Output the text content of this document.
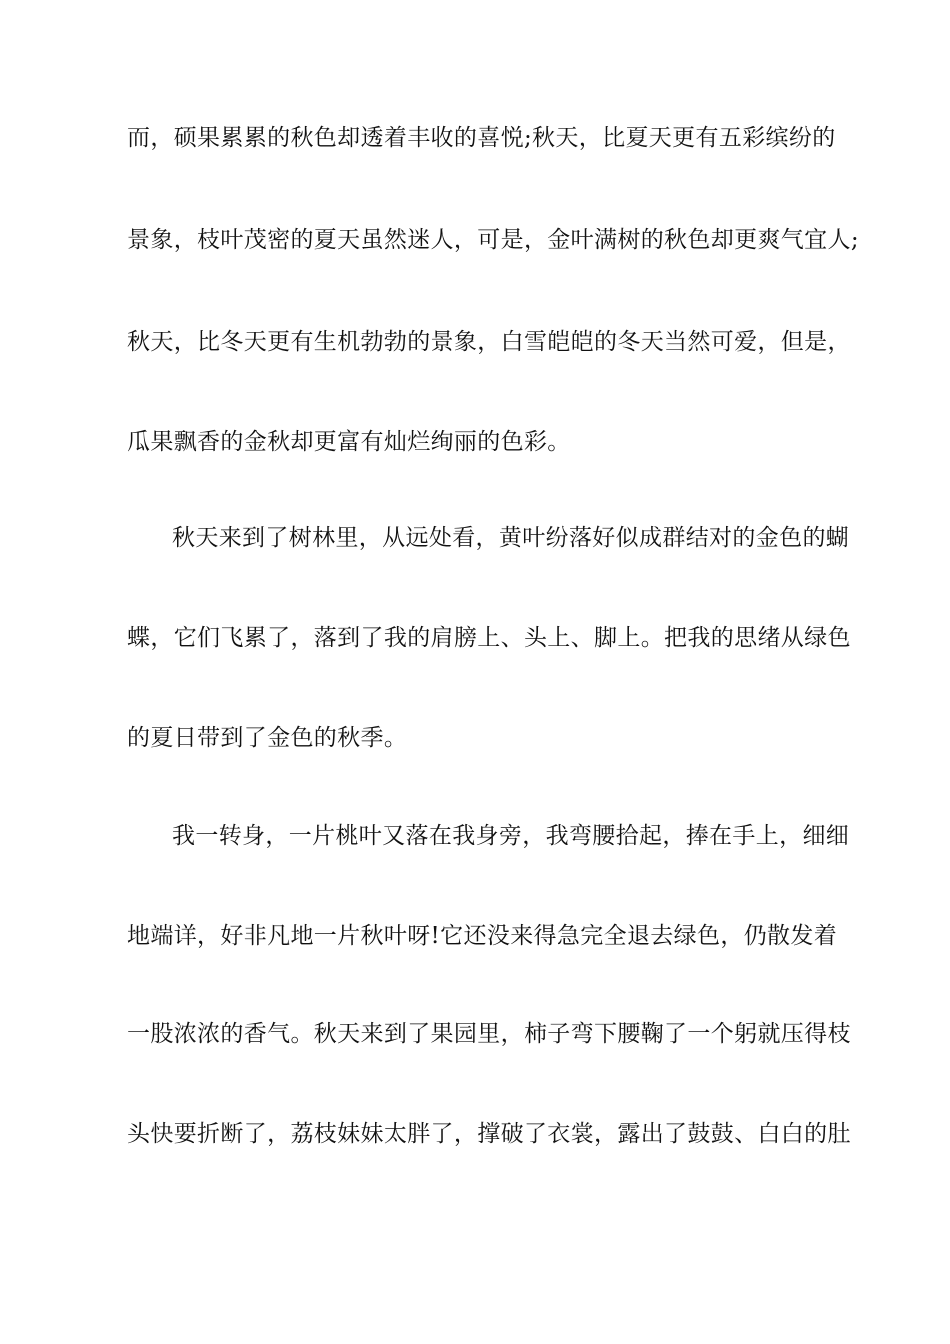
而，硕果累累的秋色却透着丰收的喜悦;秋天，比夏天更有五彩缤纷的
景象，枝叶茂密的夏天虽然迷人，可是，金叶满树的秋色却更爽气宜人;
秋天，比冬天更有生机勃勃的景象，白雪皑皑的冬天当然可爱，但是，
瓜果飘香的金秋却更富有灿烂绚丽的色彩。
秋天来到了树林里，从远处看，黄叶纷落好似成群结对的金色的蝴
蝶，它们飞累了，落到了我的肩膀上、头上、脚上。把我的思绪从绿色
的夏日带到了金色的秋季。
我一转身，一片桃叶又落在我身旁，我弯腰拾起，捧在手上，细细
地端详，好非凡地一片秋叶呀!它还没来得急完全退去绿色，仍散发着
一股浓浓的香气。秋天来到了果园里，柿子弯下腰鞠了一个躬就压得枝
头快要折断了，荔枝妹妹太胖了，撑破了衣裳，露出了鼓鼓、白白的肚
